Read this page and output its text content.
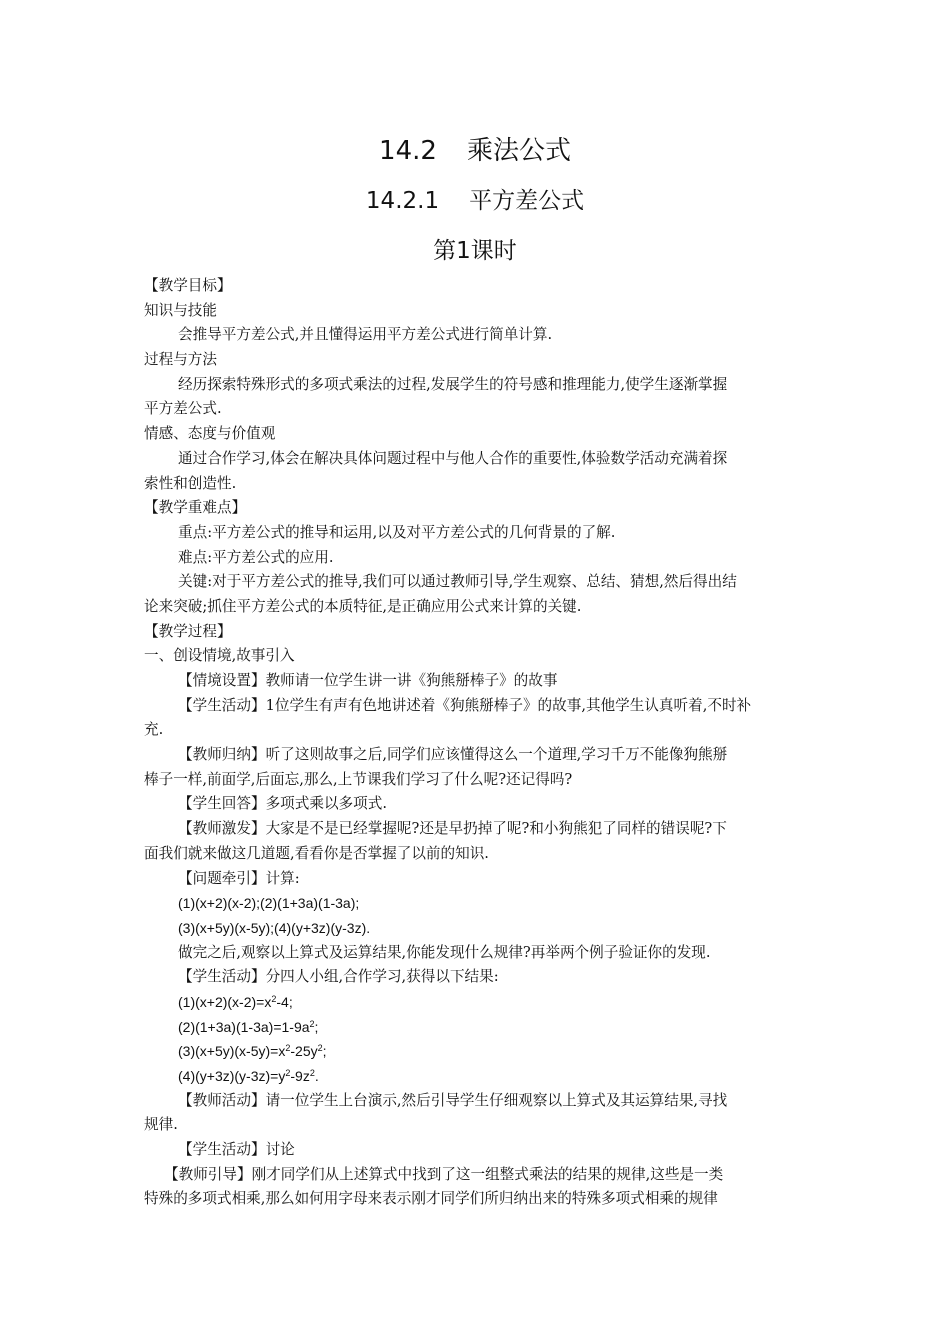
14.2 乘法公式
14.2.1 平方差公式
第1课时
【教学目标】
知识与技能
会推导平方差公式,并且懂得运用平方差公式进行简单计算.
过程与方法
经历探索特殊形式的多项式乘法的过程,发展学生的符号感和推理能力,使学生逐渐掌握
平方差公式.
情感、态度与价值观
通过合作学习,体会在解决具体问题过程中与他人合作的重要性,体验数学活动充满着探
索性和创造性.
【教学重难点】
重点:平方差公式的推导和运用,以及对平方差公式的几何背景的了解.
难点:平方差公式的应用.
关键:对于平方差公式的推导,我们可以通过教师引导,学生观察、总结、猜想,然后得出结
论来突破;抓住平方差公式的本质特征,是正确应用公式来计算的关键.
【教学过程】
一、创设情境,故事引入
【情境设置】教师请一位学生讲一讲《狗熊掰棒子》的故事
【学生活动】1位学生有声有色地讲述着《狗熊掰棒子》的故事,其他学生认真听着,不时补
充.
【教师归纳】听了这则故事之后,同学们应该懂得这么一个道理,学习千万不能像狗熊掰
棒子一样,前面学,后面忘,那么,上节课我们学习了什么呢?还记得吗?
【学生回答】多项式乘以多项式.
【教师激发】大家是不是已经掌握呢?还是早扔掉了呢?和小狗熊犯了同样的错误呢?下
面我们就来做这几道题,看看你是否掌握了以前的知识.
【问题牵引】计算:
(1)(x+2)(x-2);(2)(1+3a)(1-3a);
(3)(x+5y)(x-5y);(4)(y+3z)(y-3z).
做完之后,观察以上算式及运算结果,你能发现什么规律?再举两个例子验证你的发现.
【学生活动】分四人小组,合作学习,获得以下结果:
$(1)(x+2)(x-2)=x^2-4$;
$(2)(1+3a)(1-3a)=1-9a^2$;
$(3)(x+5y)(x-5y)=x^2-25y^2$;
$(4)(y+3z)(y-3z)=y^2-9z^2$.
【教师活动】请一位学生上台演示,然后引导学生仔细观察以上算式及其运算结果,寻找
规律.
【学生活动】讨论
【教师引导】刚才同学们从上述算式中找到了这一组整式乘法的结果的规律,这些是一类
特殊的多项式相乘,那么如何用字母来表示刚才同学们所归纳出来的特殊多项式相乘的规律
